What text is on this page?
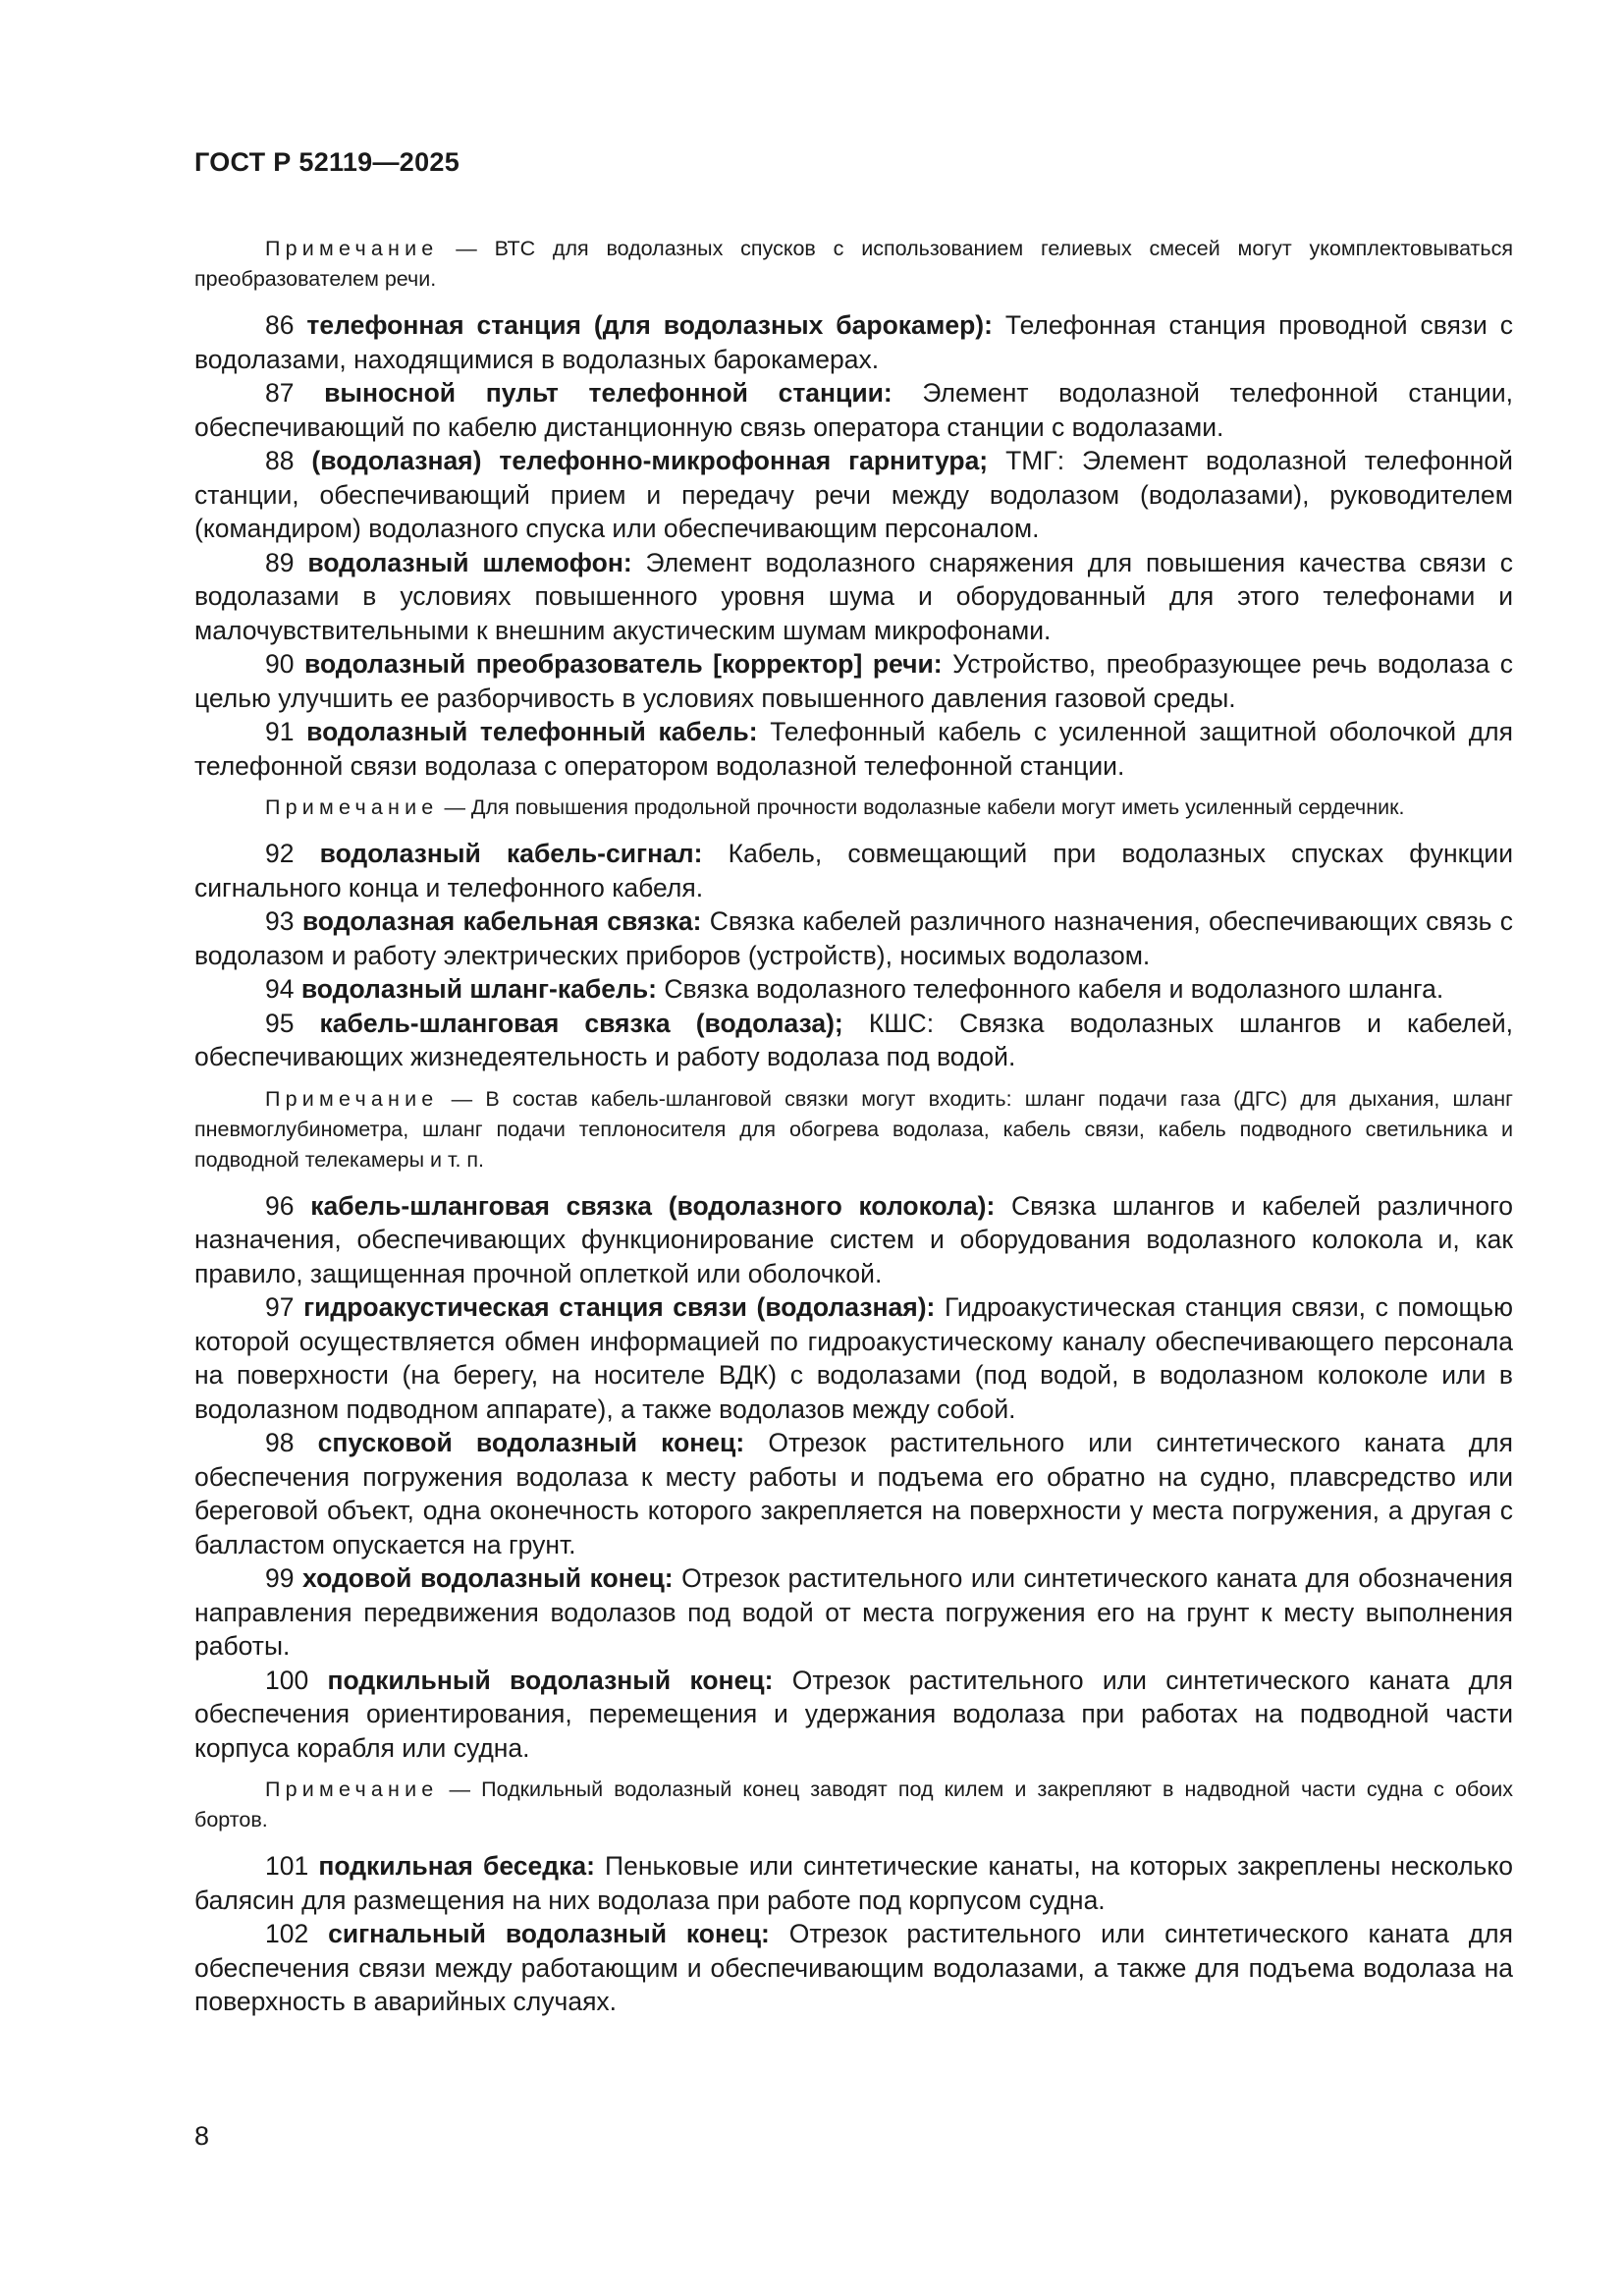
ГОСТ Р 52119—2025

Примечание — ВТС для водолазных спусков с использованием гелиевых смесей могут укомплектовываться преобразователем речи.

86 телефонная станция (для водолазных барокамер): Телефонная станция проводной связи с водолазами, находящимися в водолазных барокамерах.

87 выносной пульт телефонной станции: Элемент водолазной телефонной станции, обеспечивающий по кабелю дистанционную связь оператора станции с водолазами.

88 (водолазная) телефонно-микрофонная гарнитура; ТМГ: Элемент водолазной телефонной станции, обеспечивающий прием и передачу речи между водолазом (водолазами), руководителем (командиром) водолазного спуска или обеспечивающим персоналом.

89 водолазный шлемофон: Элемент водолазного снаряжения для повышения качества связи с водолазами в условиях повышенного уровня шума и оборудованный для этого телефонами и малочувствительными к внешним акустическим шумам микрофонами.

90 водолазный преобразователь [корректор] речи: Устройство, преобразующее речь водолаза с целью улучшить ее разборчивость в условиях повышенного давления газовой среды.

91 водолазный телефонный кабель: Телефонный кабель с усиленной защитной оболочкой для телефонной связи водолаза с оператором водолазной телефонной станции.

Примечание — Для повышения продольной прочности водолазные кабели могут иметь усиленный сердечник.

92 водолазный кабель-сигнал: Кабель, совмещающий при водолазных спусках функции сигнального конца и телефонного кабеля.

93 водолазная кабельная связка: Связка кабелей различного назначения, обеспечивающих связь с водолазом и работу электрических приборов (устройств), носимых водолазом.

94 водолазный шланг-кабель: Связка водолазного телефонного кабеля и водолазного шланга.

95 кабель-шланговая связка (водолаза); КШС: Связка водолазных шлангов и кабелей, обеспечивающих жизнедеятельность и работу водолаза под водой.

Примечание — В состав кабель-шланговой связки могут входить: шланг подачи газа (ДГС) для дыхания, шланг пневмоглубинометра, шланг подачи теплоносителя для обогрева водолаза, кабель связи, кабель подводного светильника и подводной телекамеры и т. п.

96 кабель-шланговая связка (водолазного колокола): Связка шлангов и кабелей различного назначения, обеспечивающих функционирование систем и оборудования водолазного колокола и, как правило, защищенная прочной оплеткой или оболочкой.

97 гидроакустическая станция связи (водолазная): Гидроакустическая станция связи, с помощью которой осуществляется обмен информацией по гидроакустическому каналу обеспечивающего персонала на поверхности (на берегу, на носителе ВДК) с водолазами (под водой, в водолазном колоколе или в водолазном подводном аппарате), а также водолазов между собой.

98 спусковой водолазный конец: Отрезок растительного или синтетического каната для обеспечения погружения водолаза к месту работы и подъема его обратно на судно, плавсредство или береговой объект, одна оконечность которого закрепляется на поверхности у места погружения, а другая с балластом опускается на грунт.

99 ходовой водолазный конец: Отрезок растительного или синтетического каната для обозначения направления передвижения водолазов под водой от места погружения его на грунт к месту выполнения работы.

100 подкильный водолазный конец: Отрезок растительного или синтетического каната для обеспечения ориентирования, перемещения и удержания водолаза при работах на подводной части корпуса корабля или судна.

Примечание — Подкильный водолазный конец заводят под килем и закрепляют в надводной части судна с обоих бортов.

101 подкильная беседка: Пеньковые или синтетические канаты, на которых закреплены несколько балясин для размещения на них водолаза при работе под корпусом судна.

102 сигнальный водолазный конец: Отрезок растительного или синтетического каната для обеспечения связи между работающим и обеспечивающим водолазами, а также для подъема водолаза на поверхность в аварийных случаях.

8
